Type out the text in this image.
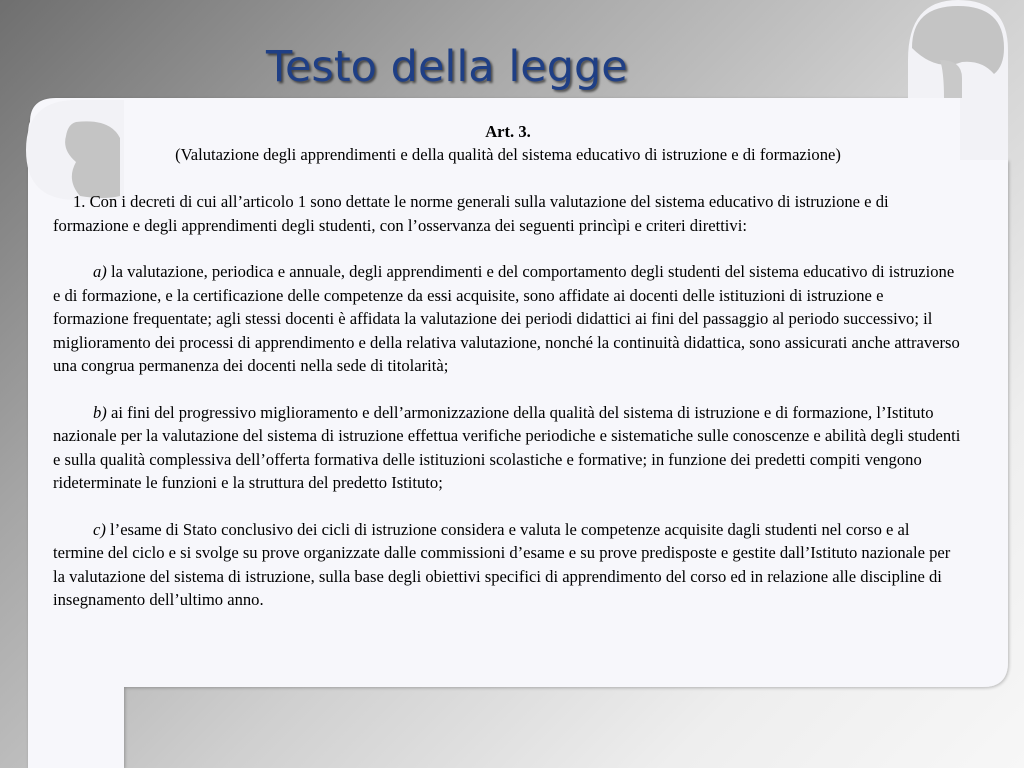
Testo della legge
Art. 3.
(Valutazione degli apprendimenti e della qualità del sistema educativo di istruzione e di formazione)

1. Con i decreti di cui all’articolo 1 sono dettate le norme generali sulla valutazione del sistema educativo di istruzione e di formazione e degli apprendimenti degli studenti, con l’osservanza dei seguenti princìpi e criteri direttivi:

a) la valutazione, periodica e annuale, degli apprendimenti e del comportamento degli studenti del sistema educativo di istruzione e di formazione, e la certificazione delle competenze da essi acquisite, sono affidate ai docenti delle istituzioni di istruzione e formazione frequentate; agli stessi docenti è affidata la valutazione dei periodi didattici ai fini del passaggio al periodo successivo; il miglioramento dei processi di apprendimento e della relativa valutazione, nonché la continuità didattica, sono assicurati anche attraverso una congrua permanenza dei docenti nella sede di titolarità;

b) ai fini del progressivo miglioramento e dell’armonizzazione della qualità del sistema di istruzione e di formazione, l’Istituto nazionale per la valutazione del sistema di istruzione effettua verifiche periodiche e sistematiche sulle conoscenze e abilità degli studenti e sulla qualità complessiva dell’offerta formativa delle istituzioni scolastiche e formative; in funzione dei predetti compiti vengono rideterminate le funzioni e la struttura del predetto Istituto;

c) l’esame di Stato conclusivo dei cicli di istruzione considera e valuta le competenze acquisite dagli studenti nel corso e al termine del ciclo e si svolge su prove organizzate dalle commissioni d’esame e su prove predisposte e gestite dall’Istituto nazionale per la valutazione del sistema di istruzione, sulla base degli obiettivi specifici di apprendimento del corso ed in relazione alle discipline di insegnamento dell’ultimo anno.
